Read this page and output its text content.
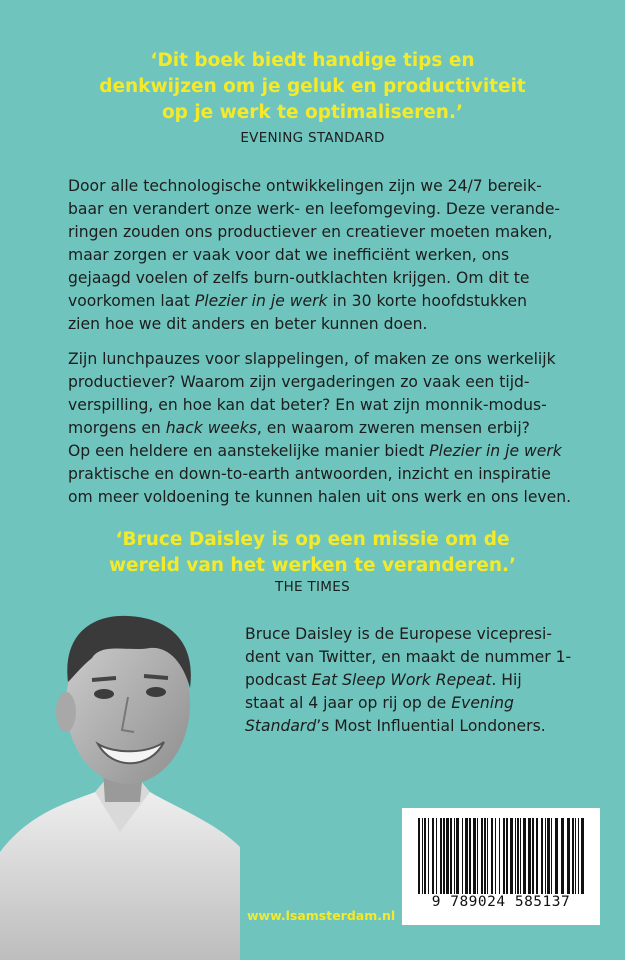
‘Dit boek biedt handige tips en
denkwijzen om je geluk en productiviteit
op je werk te optimaliseren.’
EVENING STANDARD
Door alle technologische ontwikkelingen zijn we 24/7 bereik-
baar en verandert onze werk- en leefomgeving. Deze verande-
ringen zouden ons productiever en creatiever moeten maken,
maar zorgen er vaak voor dat we inefficiënt werken, ons
gejaagd voelen of zelfs burn-outklachten krijgen. Om dit te
voorkomen laat Plezier in je werk in 30 korte hoofdstukken
zien hoe we dit anders en beter kunnen doen.
Zijn lunchpauzes voor slappelingen, of maken ze ons werkelijk
productiever? Waarom zijn vergaderingen zo vaak een tijd-
verspilling, en hoe kan dat beter? En wat zijn monnik-modus-
morgens en hack weeks, en waarom zweren mensen erbij?
Op een heldere en aanstekelijke manier biedt Plezier in je werk
praktische en down-to-earth antwoorden, inzicht en inspiratie
om meer voldoening te kunnen halen uit ons werk en ons leven.
‘Bruce Daisley is op een missie om de
wereld van het werken te veranderen.’
THE TIMES
Bruce Daisley is de Europese vicepresi-
dent van Twitter, en maakt de nummer 1-
podcast Eat Sleep Work Repeat. Hij
staat al 4 jaar op rij op de Evening
Standard’s Most Influential Londoners.
9 789024 585137
www.lsamsterdam.nl
